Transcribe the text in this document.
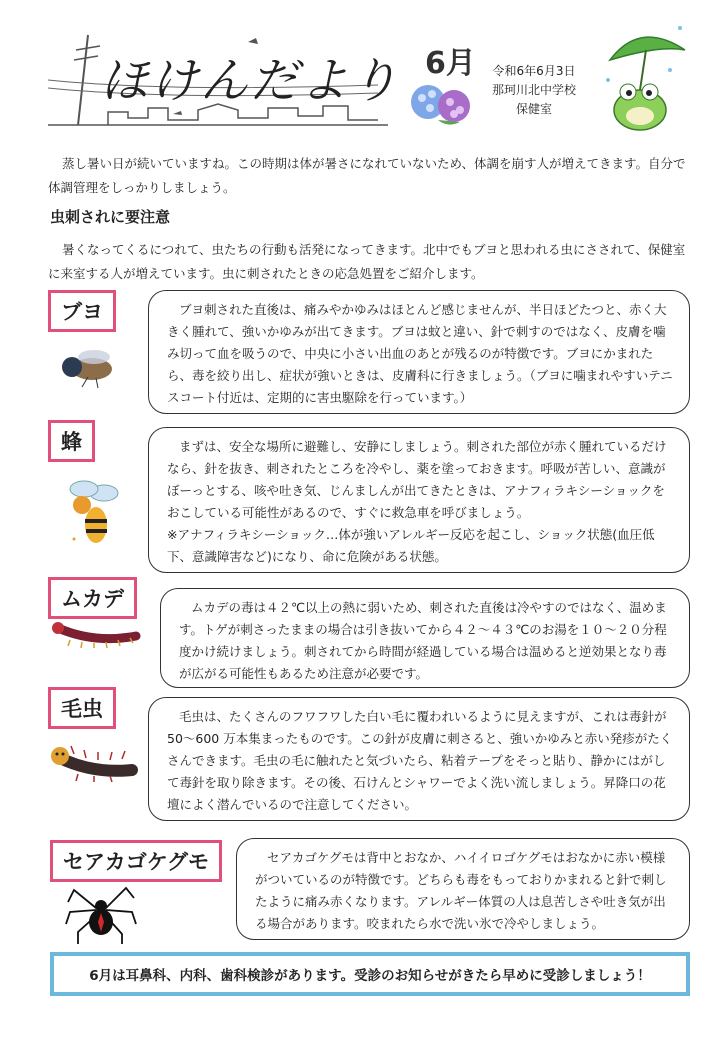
ほけんだより 6月	令和6年6月3日
那珂川北中学校
保健室
蒸し暑い日が続いていますね。この時期は体が暑さになれていないため、体調を崩す人が増えてきます。自分で体調管理をしっかりしましょう。
虫刺されに要注意
暑くなってくるにつれて、虫たちの行動も活発になってきます。北中でもブヨと思われる虫にさされて、保健室に来室する人が増えています。虫に刺されたときの応急処置をご紹介します。
ブヨ	ブヨ刺された直後は、痛みやかゆみはほとんど感じませんが、半日ほどたつと、赤く大きく腫れて、強いかゆみが出てきます。ブヨは蚊と違い、針で刺すのではなく、皮膚を噛み切って血を吸うので、中央に小さい出血のあとが残るのが特徴です。ブヨにかまれたら、毒を絞り出し、症状が強いときは、皮膚科に行きましょう。（ブヨに噛まれやすいテニスコート付近は、定期的に害虫駆除を行っています。）
蜂	まずは、安全な場所に避難し、安静にしましょう。刺された部位が赤く腫れているだけなら、針を抜き、刺されたところを冷やし、薬を塗っておきます。呼吸が苦しい、意識がぼーっとする、咳や吐き気、じんましんが出てきたときは、アナフィラキシーショックをおこしている可能性があるので、すぐに救急車を呼びましょう。
※アナフィラキシーショック…体が強いアレルギー反応を起こし、ショック状態(血圧低下、意識障害など)になり、命に危険がある状態。
ムカデ	ムカデの毒は４２℃以上の熱に弱いため、刺された直後は冷やすのではなく、温めます。トゲが刺さったままの場合は引き抜いてから４２～４３℃のお湯を１０～２０分程度かけ続けましょう。刺されてから時間が経過している場合は温めると逆効果となり毒が広がる可能性もあるため注意が必要です。
毛虫	毛虫は、たくさんのフワフワした白い毛に覆われいるように見えますが、これは毒針が 50～600 万本集まったものです。この針が皮膚に刺さると、強いかゆみと赤い発疹がたくさんできます。毛虫の毛に触れたと気づいたら、粘着テープをそっと貼り、静かにはがして毒針を取り除きます。その後、石けんとシャワーでよく洗い流しましょう。昇降口の花壇によく潜んでいるので注意してください。
セアカゴケグモ	セアカゴケグモは背中とおなか、ハイイロゴケグモはおなかに赤い模様がついているのが特徴です。どちらも毒をもっておりかまれると針で刺したように痛み赤くなります。アレルギー体質の人は息苦しさや吐き気が出る場合があります。咬まれたら水で洗い氷で冷やしましょう。
6月は耳鼻科、内科、歯科検診があります。受診のお知らせがきたら早めに受診しましょう！
